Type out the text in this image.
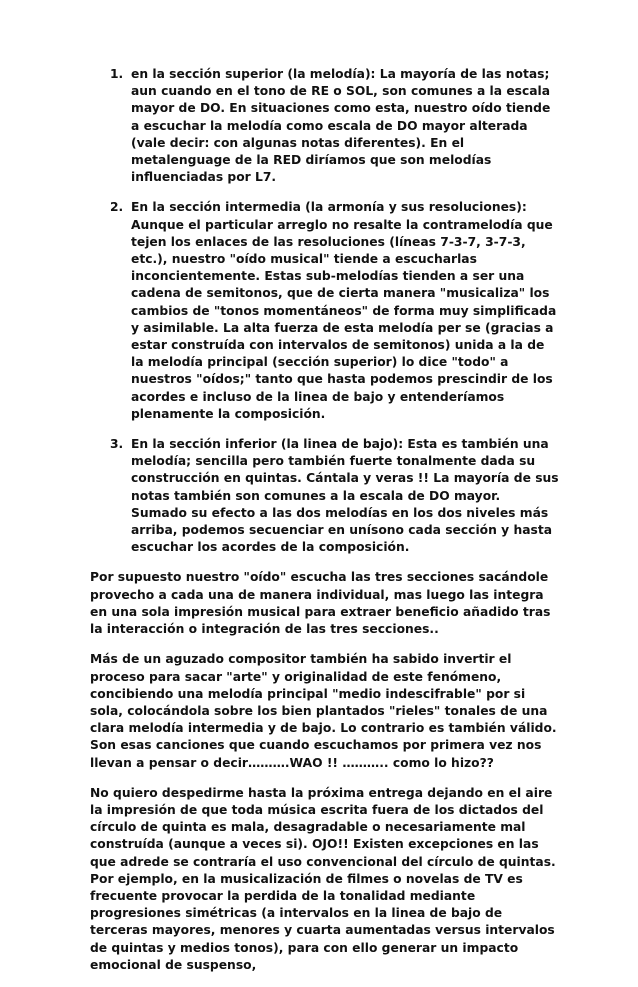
1. en la sección superior (la melodía): La mayoría de las notas; aun cuando en el tono de RE o SOL, son comunes a la escala mayor de DO. En situaciones como esta, nuestro oído tiende a escuchar la melodía como escala de DO mayor alterada (vale decir: con algunas notas diferentes). En el metalenguage de la RED diríamos que son melodías influenciadas por L7.
2. En la sección intermedia (la armonía y sus resoluciones): Aunque el particular arreglo no resalte la contramelodía que tejen los enlaces de las resoluciones (líneas 7-3-7, 3-7-3, etc.), nuestro "oído musical" tiende a escucharlas inconcientemente. Estas sub-melodías tienden a ser una cadena de semitonos, que de cierta manera "musicaliza" los cambios de "tonos momentáneos" de forma muy simplificada y asimilable. La alta fuerza de esta melodía per se (gracias a estar construída con intervalos de semitonos) unida a la de la melodía principal (sección superior) lo dice "todo" a nuestros "oídos;" tanto que hasta podemos prescindir de los acordes e incluso de la linea de bajo y entenderíamos plenamente la composición.
3. En la sección inferior (la linea de bajo): Esta es también una melodía; sencilla pero también fuerte tonalmente dada su construcción en quintas. Cántala y veras !! La mayoría de sus notas también son comunes a la escala de DO mayor. Sumado su efecto a las dos melodías en los dos niveles más arriba, podemos secuenciar en unísono cada sección y hasta escuchar los acordes de la composición.

Por supuesto nuestro "oído" escucha las tres secciones sacándole provecho a cada una de manera individual, mas luego las integra en una sola impresión musical para extraer beneficio añadido tras la interacción o integración de las tres secciones..

Más de un aguzado compositor también ha sabido invertir el proceso para sacar "arte" y originalidad de este fenómeno, concibiendo una melodía principal "medio indescifrable" por si sola, colocándola sobre los bien plantados "rieles" tonales de una clara melodía intermedia y de bajo. Lo contrario es también válido. Son esas canciones que cuando escuchamos por primera vez nos llevan a pensar o decir……….WAO !! ……….. como lo hizo??

No quiero despedirme hasta la próxima entrega dejando en el aire la impresión de que toda música escrita fuera de los dictados del círculo de quinta es mala, desagradable o necesariamente mal construída (aunque a veces si). OJO!! Existen excepciones en las que adrede se contraría el uso convencional del círculo de quintas. Por ejemplo, en la musicalización de filmes o novelas de TV es frecuente provocar la perdida de la tonalidad mediante progresiones simétricas (a intervalos en la linea de bajo de terceras mayores, menores y cuarta aumentadas versus intervalos de quintas y medios tonos), para con ello generar un impacto emocional de suspenso,
